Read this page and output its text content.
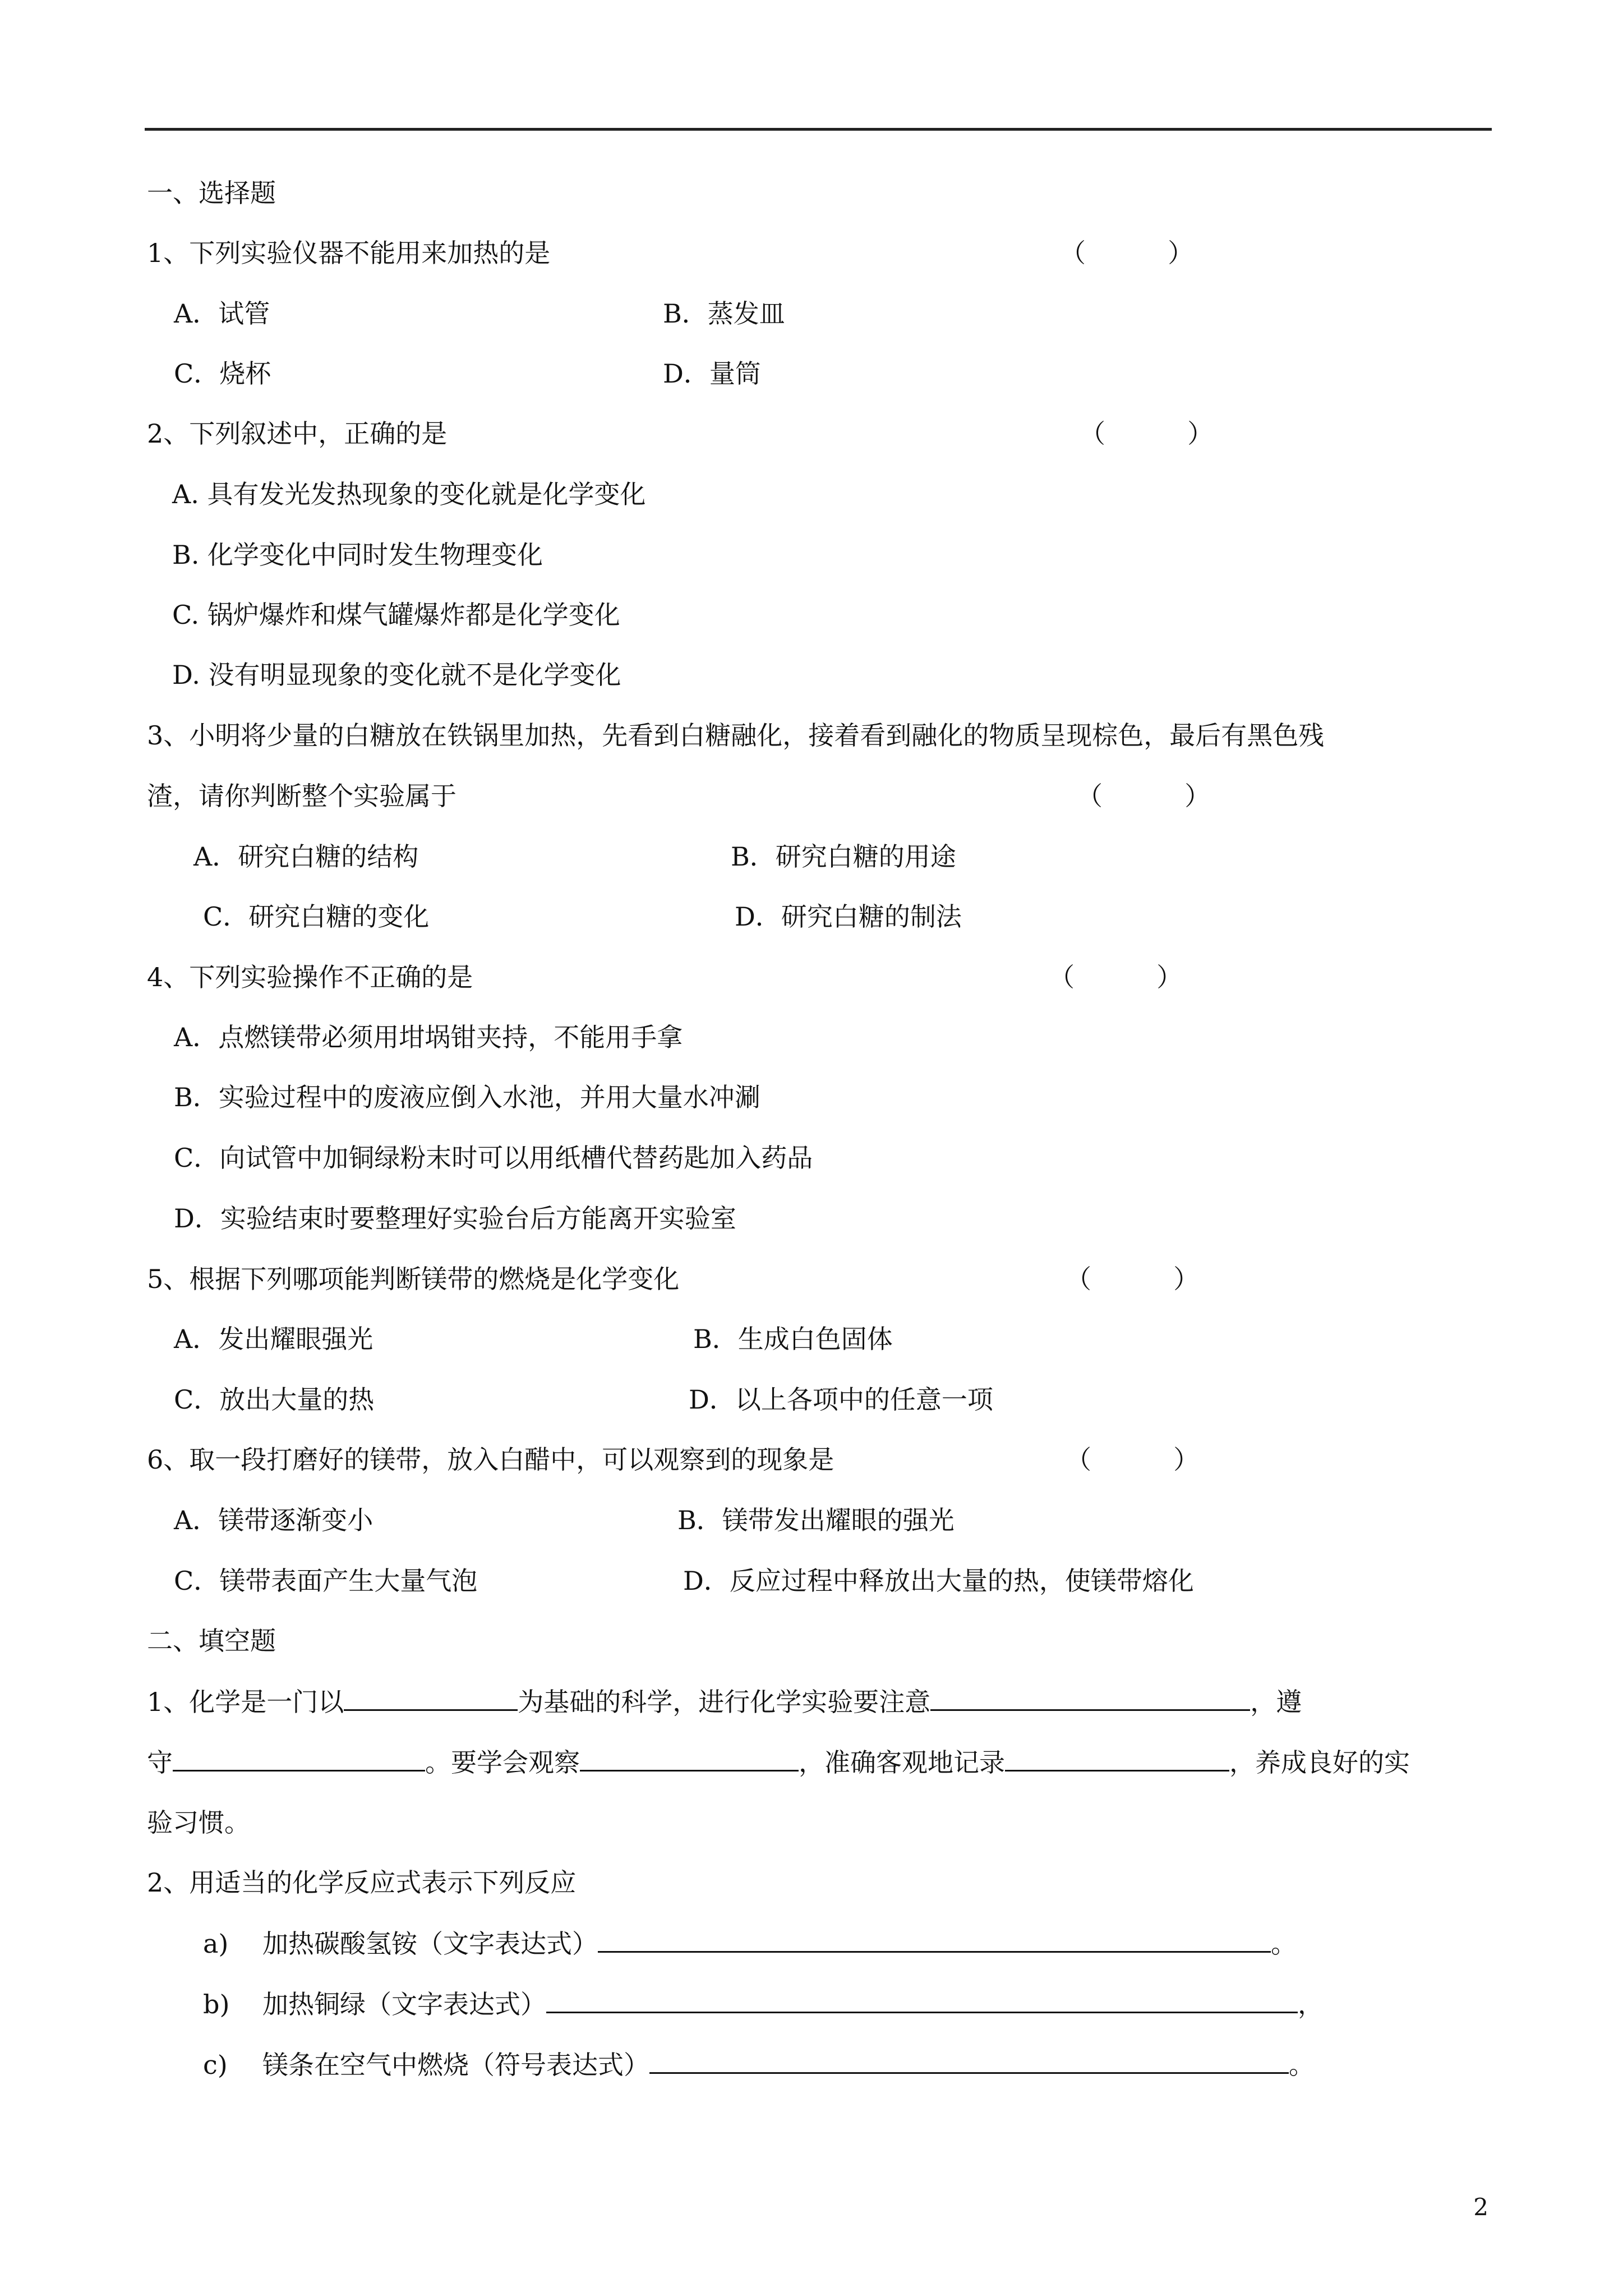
一、选择题
1、下列实验仪器不能用来加热的是	（          ）
A．试管	B．蒸发皿
C．烧杯	D．量筒
2、下列叙述中，正确的是	（          ）
A. 具有发光发热现象的变化就是化学变化
B. 化学变化中同时发生物理变化
C. 锅炉爆炸和煤气罐爆炸都是化学变化
D. 没有明显现象的变化就不是化学变化
3、小明将少量的白糖放在铁锅里加热，先看到白糖融化，接着看到融化的物质呈现棕色，最后有黑色残
渣，请你判断整个实验属于	（          ）
A．研究白糖的结构	B．研究白糖的用途
C．研究白糖的变化	D．研究白糖的制法
4、下列实验操作不正确的是	（          ）
A．点燃镁带必须用坩埚钳夹持，不能用手拿
B．实验过程中的废液应倒入水池，并用大量水冲涮
C．向试管中加铜绿粉末时可以用纸槽代替药匙加入药品
D．实验结束时要整理好实验台后方能离开实验室
5、根据下列哪项能判断镁带的燃烧是化学变化	（          ）
A．发出耀眼强光	B．生成白色固体
C．放出大量的热	D．以上各项中的任意一项
6、取一段打磨好的镁带，放入白醋中，可以观察到的现象是	（          ）
A．镁带逐渐变小	B．镁带发出耀眼的强光
C．镁带表面产生大量气泡	D．反应过程中释放出大量的热，使镁带熔化
二、填空题
1、化学是一门以	为基础的科学，进行化学实验要注意	，遵
守	。要学会观察	，准确客观地记录	，养成良好的实
验习惯。
2、用适当的化学反应式表示下列反应
a) 加热碳酸氢铵（文字表达式）	。
b) 加热铜绿（文字表达式）	，
c) 镁条在空气中燃烧（符号表达式）	。
2
